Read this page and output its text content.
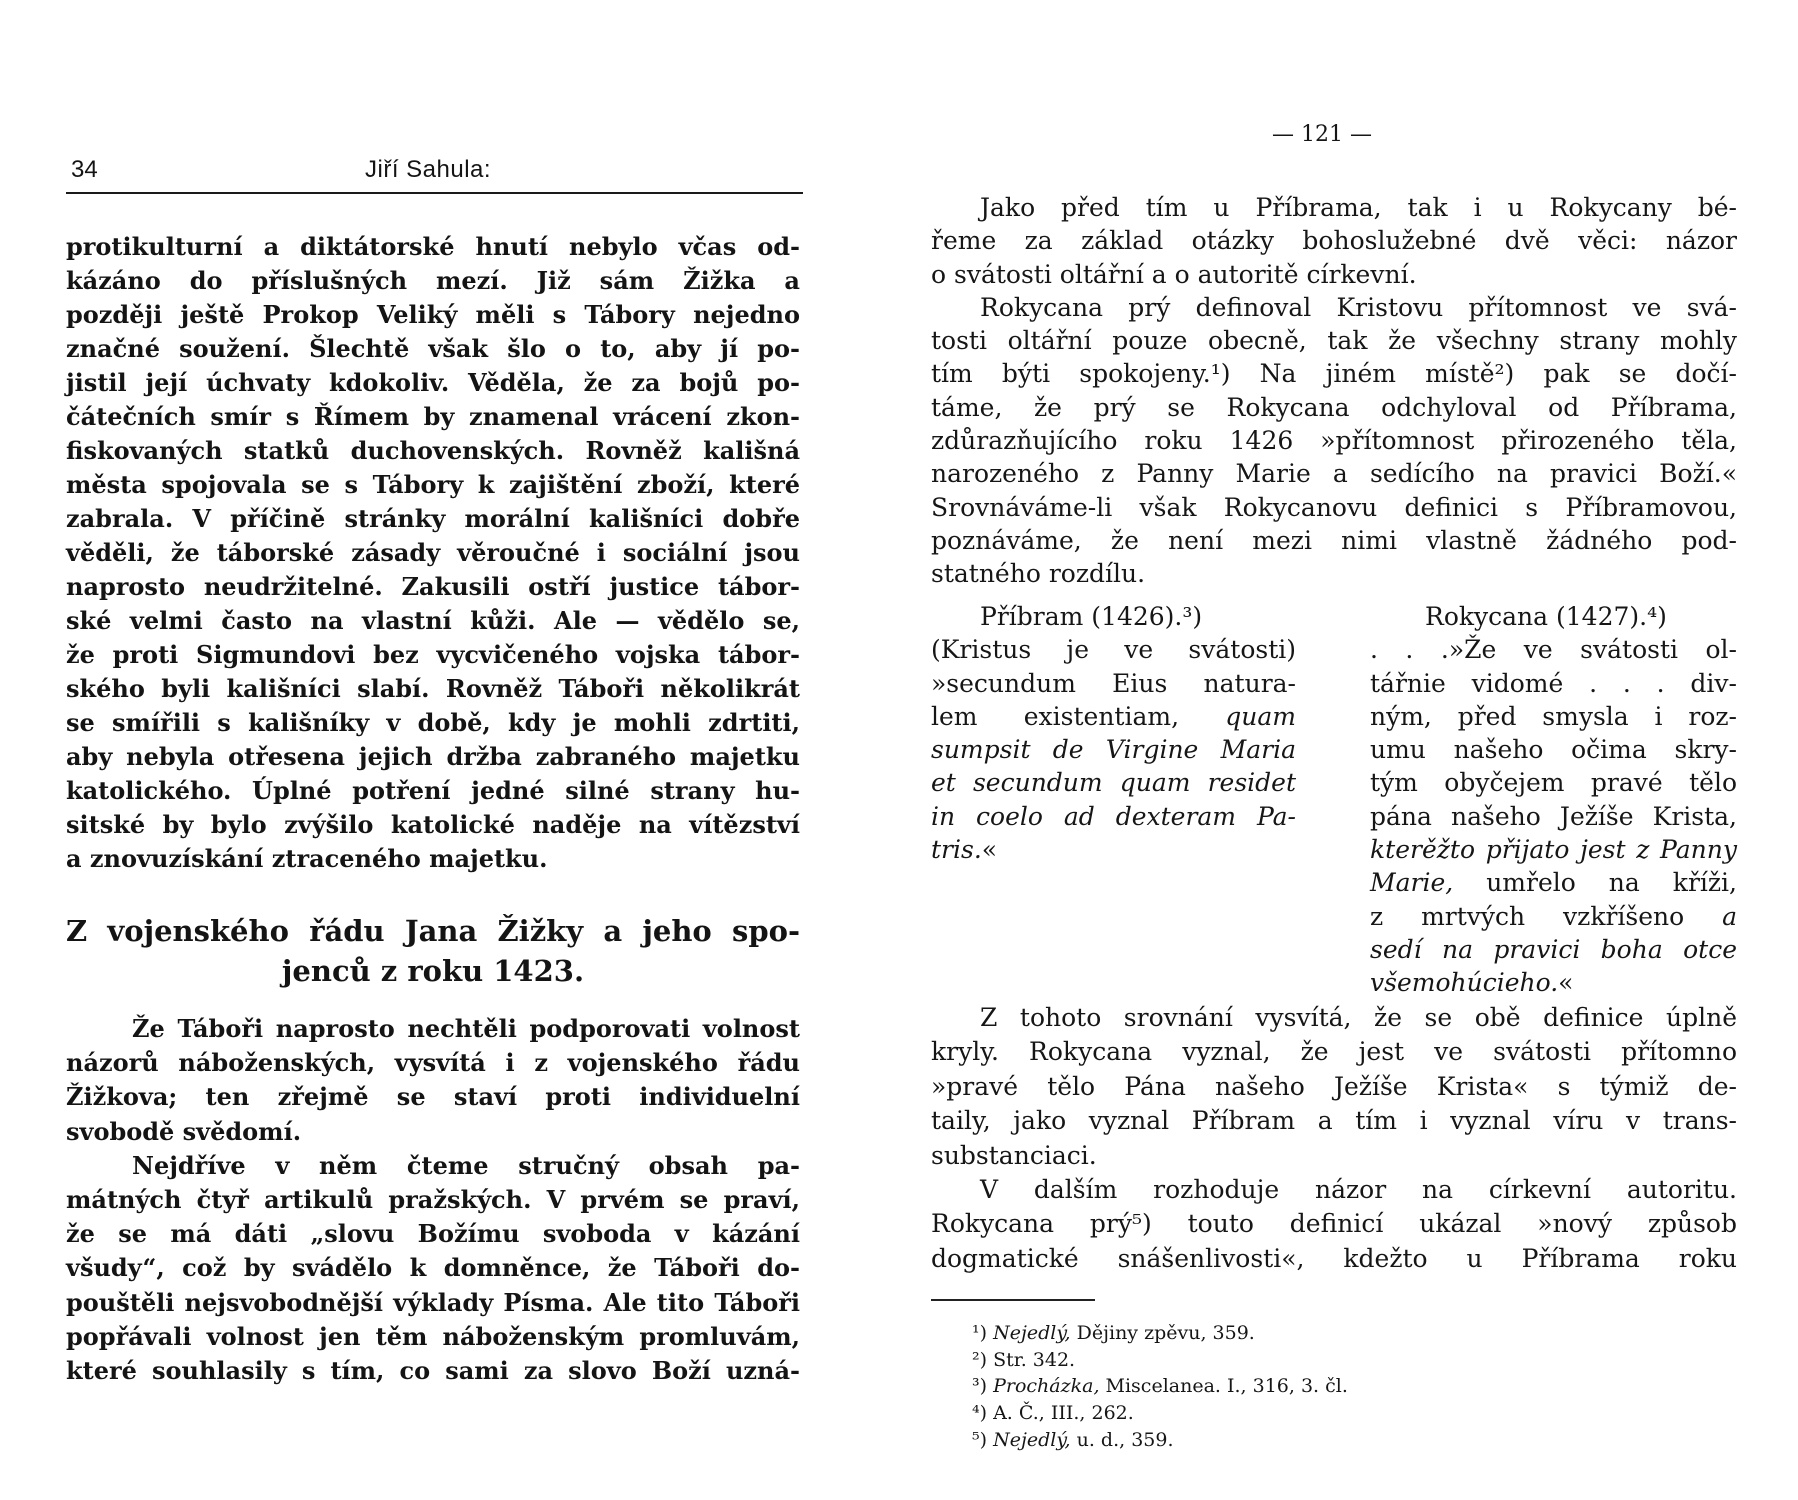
34	Jiří Sahula:
protikulturní a diktátorské hnutí nebylo včas od-
kázáno do příslušných mezí. Již sám Žižka a
později ještě Prokop Veliký měli s Tábory nejedno
značné soužení. Šlechtě však šlo o to, aby jí po-
jistil její úchvaty kdokoliv. Věděla, že za bojů po-
čátečních smír s Římem by znamenal vrácení zkon-
fiskovaných statků duchovenských. Rovněž kališná
města spojovala se s Tábory k zajištění zboží, které
zabrala. V příčině stránky morální kališníci dobře
věděli, že táborské zásady věroučné i sociální jsou
naprosto neudržitelné. Zakusili ostří justice tábor-
ské velmi často na vlastní kůži. Ale — vědělo se,
že proti Sigmundovi bez vycvičeného vojska tábor-
ského byli kališníci slabí. Rovněž Táboři několikrát
se smířili s kališníky v době, kdy je mohli zdrtiti,
aby nebyla otřesena jejich držba zabraného majetku
katolického. Úplné potření jedné silné strany hu-
sitské by bylo zvýšilo katolické naděje na vítězství
a znovuzískání ztraceného majetku.
Z vojenského řádu Jana Žižky a jeho spo-
jenců z roku 1423.
Že Táboři naprosto nechtěli podporovati volnost
názorů náboženských, vysvítá i z vojenského řádu
Žižkova; ten zřejmě se staví proti individuelní
svobodě svědomí.
Nejdříve v něm čteme stručný obsah pa-
mátných čtyř artikulů pražských. V prvém se praví,
že se má dáti „slovu Božímu svoboda v kázání
všudy“, což by svádělo k domněnce, že Táboři do-
pouštěli nejsvobodnější výklady Písma. Ale tito Táboři
popřávali volnost jen těm náboženským promluvám,
které souhlasily s tím, co sami za slovo Boží uzná-
— 121 —
Jako před tím u Příbrama, tak i u Rokycany bé-
řeme za základ otázky bohoslužebné dvě věci: názor
o svátosti oltářní a o autoritě církevní.
Rokycana prý definoval Kristovu přítomnost ve svá-
tosti oltářní pouze obecně, tak že všechny strany mohly
tím býti spokojeny.¹) Na jiném místě²) pak se dočí-
táme, že prý se Rokycana odchyloval od Příbrama,
zdůrazňujícího roku 1426 »přítomnost přirozeného těla,
narozeného z Panny Marie a sedícího na pravici Boží.«
Srovnáváme-li však Rokycanovu definici s Příbramovou,
poznáváme, že není mezi nimi vlastně žádného pod-
statného rozdílu.
Příbram (1426).³)
(Kristus je ve svátosti)
»secundum Eius natura-
lem existentiam, quam
sumpsit de Virgine Maria
et secundum quam residet
in coelo ad dexteram Pa-
tris.«
Rokycana (1427).⁴)
. . .»Že ve svátosti ol-
tářnie vidomé . . . div-
ným, před smysla i roz-
umu našeho očima skry-
tým obyčejem pravé tělo
pána našeho Ježíše Krista,
kterěžto přijato jest z Panny
Marie, umřelo na kříži,
z mrtvých vzkříšeno a
sedí na pravici boha otce
všemohúcieho.«
Z tohoto srovnání vysvítá, že se obě definice úplně
kryly. Rokycana vyznal, že jest ve svátosti přítomno
»pravé tělo Pána našeho Ježíše Krista« s týmiž de-
taily, jako vyznal Příbram a tím i vyznal víru v trans-
substanciaci.
V dalším rozhoduje názor na církevní autoritu.
Rokycana prý⁵) touto definicí ukázal »nový způsob
dogmatické snášenlivosti«, kdežto u Příbrama roku
¹) Nejedlý, Dějiny zpěvu, 359.
²) Str. 342.
³) Procházka, Miscelanea. I., 316, 3. čl.
⁴) A. Č., III., 262.
⁵) Nejedlý, u. d., 359.
